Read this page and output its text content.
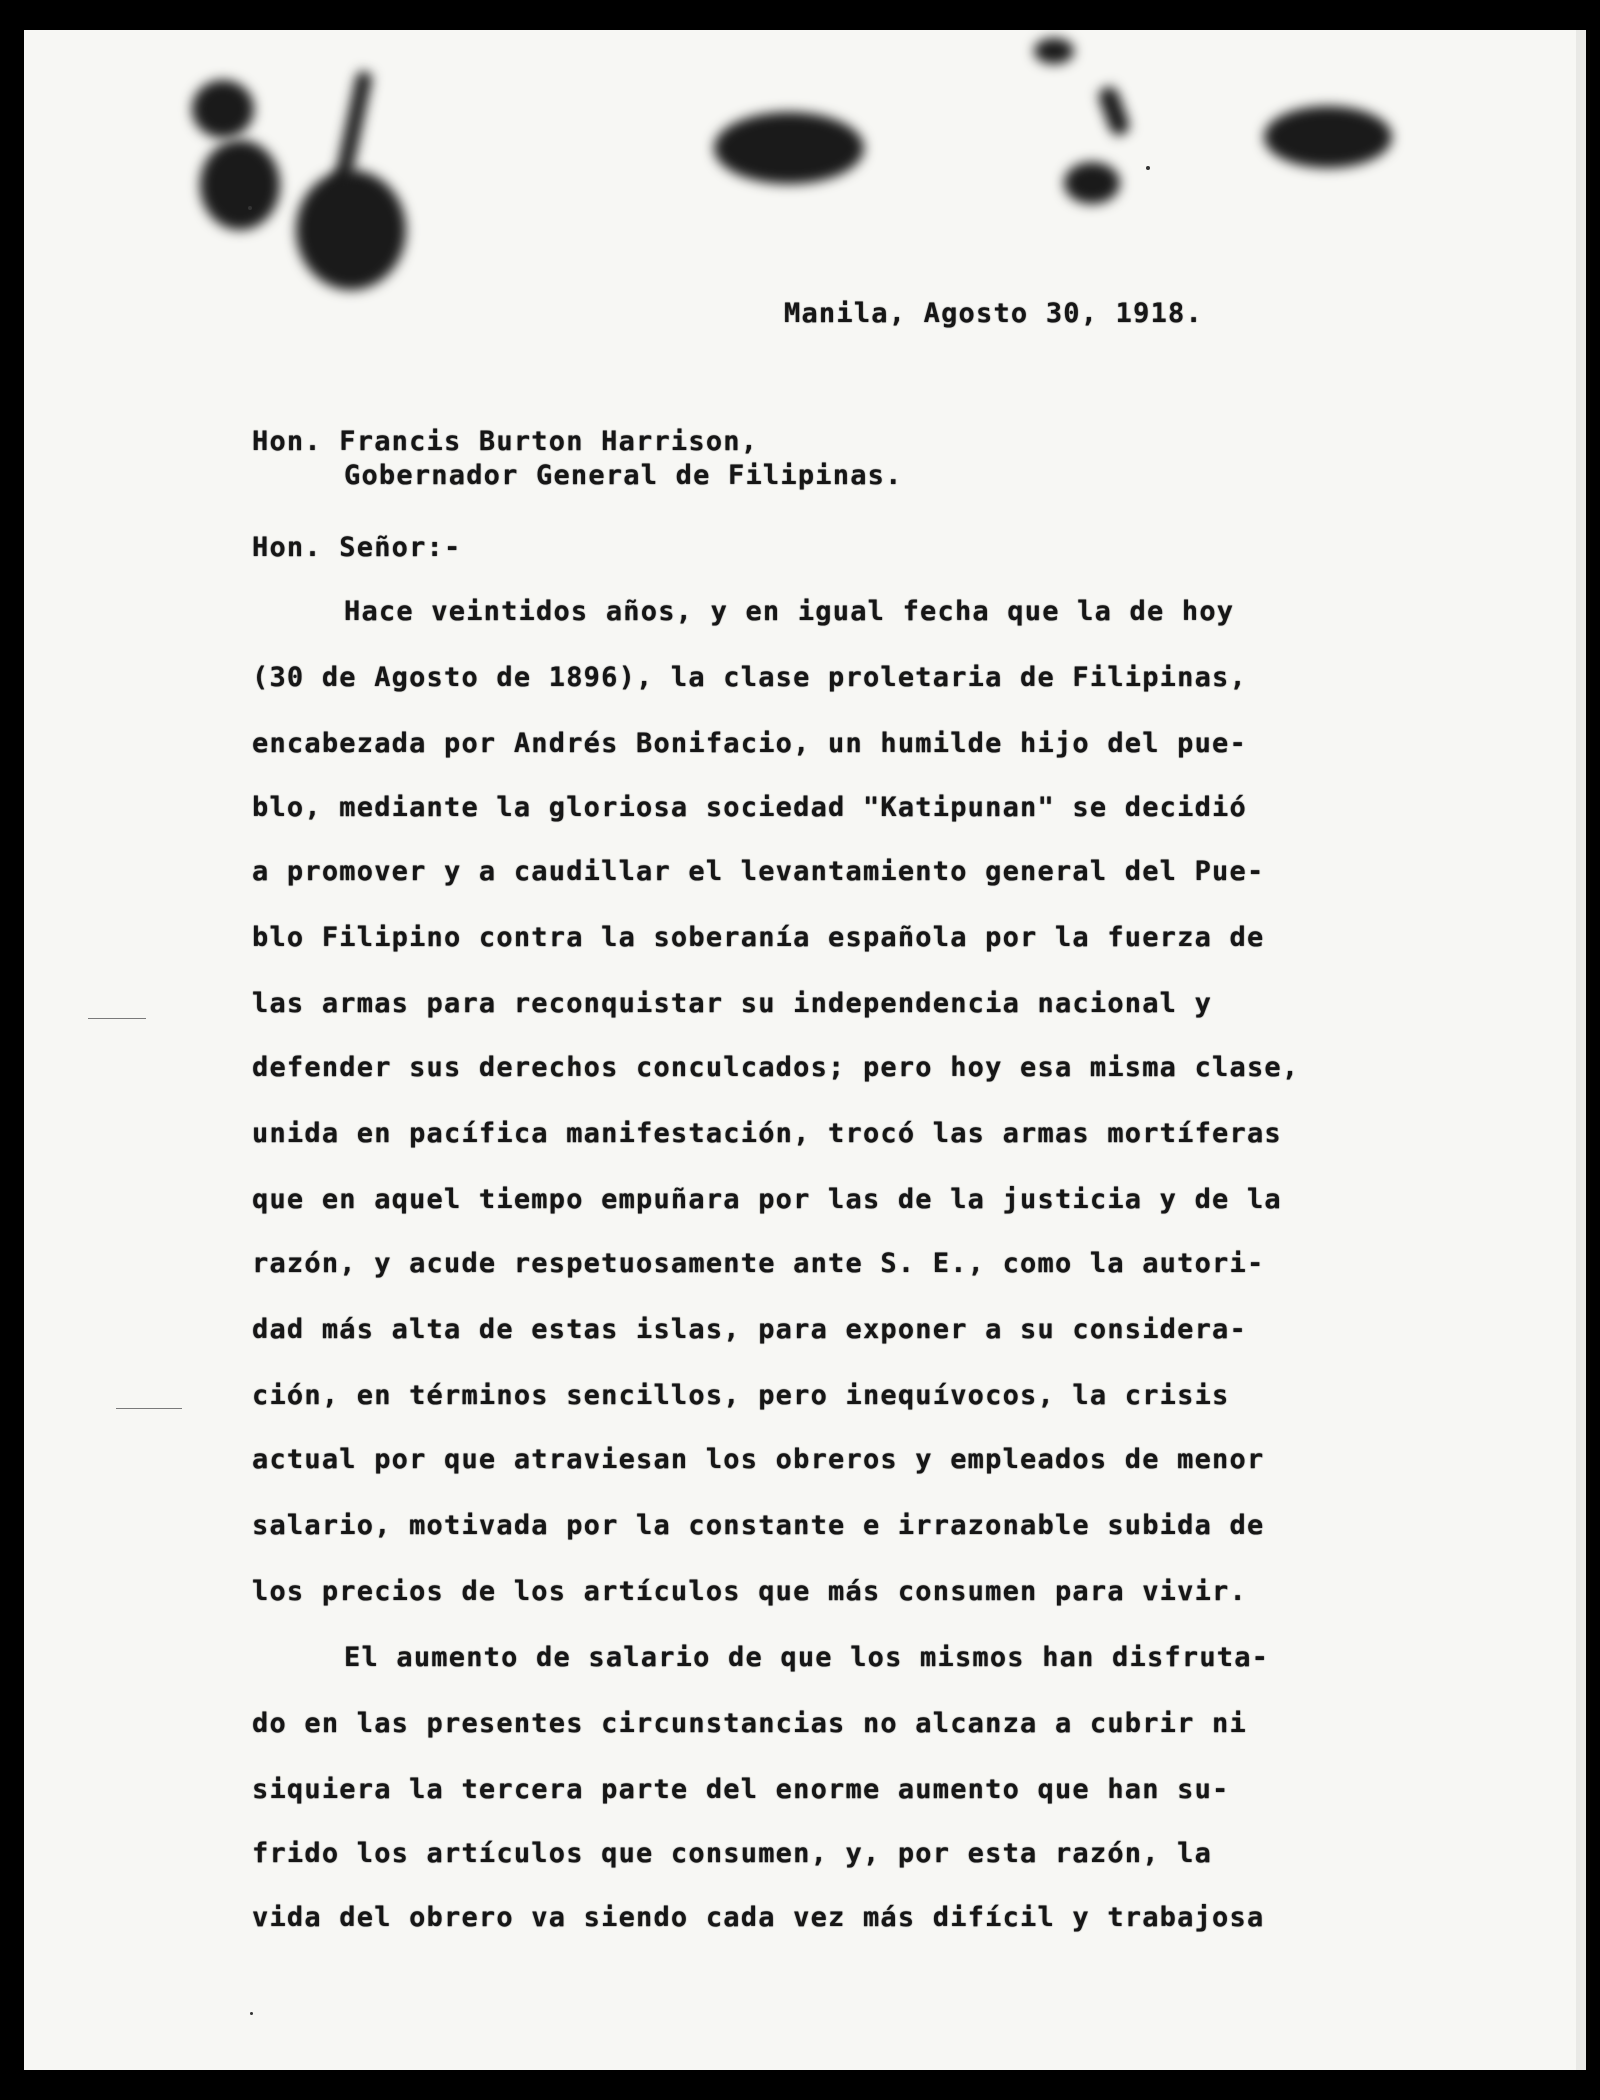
Manila, Agosto 30, 1918.
Hon. Francis Burton Harrison,
Gobernador General de Filipinas.
Hon. Señor:-
Hace veintidos años, y en igual fecha que la de hoy
(30 de Agosto de 1896), la clase proletaria de Filipinas,
encabezada por Andrés Bonifacio, un humilde hijo del pue-
blo, mediante la gloriosa sociedad "Katipunan" se decidió
a promover y a caudillar el levantamiento general del Pue-
blo Filipino contra la soberanía española por la fuerza de
las armas para reconquistar su independencia nacional y
defender sus derechos conculcados; pero hoy esa misma clase,
unida en pacífica manifestación, trocó las armas mortíferas
que en aquel tiempo empuñara por las de la justicia y de la
razón, y acude respetuosamente ante S. E., como la autori-
dad más alta de estas islas, para exponer a su considera-
ción, en términos sencillos, pero inequívocos, la crisis
actual por que atraviesan los obreros y empleados de menor
salario, motivada por la constante e irrazonable subida de
los precios de los artículos que más consumen para vivir.
El aumento de salario de que los mismos han disfruta-
do en las presentes circunstancias no alcanza a cubrir ni
siquiera la tercera parte del enorme aumento que han su-
frido los artículos que consumen, y, por esta razón, la
vida del obrero va siendo cada vez más difícil y trabajosa
